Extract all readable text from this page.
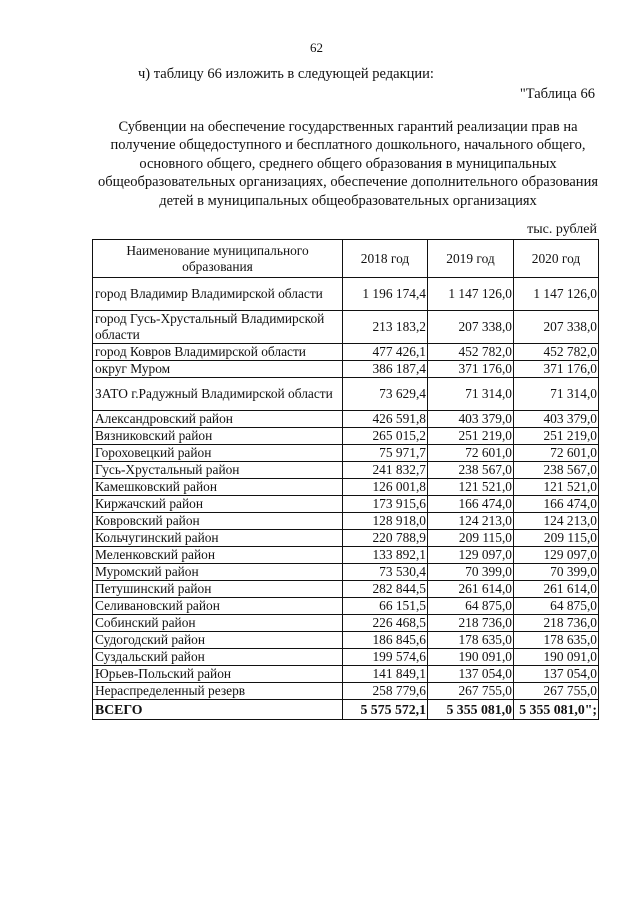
62
ч) таблицу 66 изложить в следующей редакции:
"Таблица 66
Субвенции на обеспечение государственных гарантий реализации прав на получение общедоступного и бесплатного дошкольного, начального общего, основного общего, среднего общего образования в муниципальных общеобразовательных организациях, обеспечение дополнительного образования детей в муниципальных общеобразовательных организациях
тыс. рублей
Наименование муниципального образования	2018 год	2019 год	2020 год
город Владимир Владимирской области	1 196 174,4	1 147 126,0	1 147 126,0
город Гусь-Хрустальный Владимирской области	213 183,2	207 338,0	207 338,0
город Ковров Владимирской области	477 426,1	452 782,0	452 782,0
округ Муром	386 187,4	371 176,0	371 176,0
ЗАТО г.Радужный Владимирской области	73 629,4	71 314,0	71 314,0
Александровский район	426 591,8	403 379,0	403 379,0
Вязниковский район	265 015,2	251 219,0	251 219,0
Гороховецкий район	75 971,7	72 601,0	72 601,0
Гусь-Хрустальный район	241 832,7	238 567,0	238 567,0
Камешковский район	126 001,8	121 521,0	121 521,0
Киржачский район	173 915,6	166 474,0	166 474,0
Ковровский район	128 918,0	124 213,0	124 213,0
Кольчугинский район	220 788,9	209 115,0	209 115,0
Меленковский район	133 892,1	129 097,0	129 097,0
Муромский район	73 530,4	70 399,0	70 399,0
Петушинский район	282 844,5	261 614,0	261 614,0
Селивановский район	66 151,5	64 875,0	64 875,0
Собинский район	226 468,5	218 736,0	218 736,0
Судогодский район	186 845,6	178 635,0	178 635,0
Суздальский район	199 574,6	190 091,0	190 091,0
Юрьев-Польский район	141 849,1	137 054,0	137 054,0
Нераспределенный резерв	258 779,6	267 755,0	267 755,0
ВСЕГО	5 575 572,1	5 355 081,0	5 355 081,0";
